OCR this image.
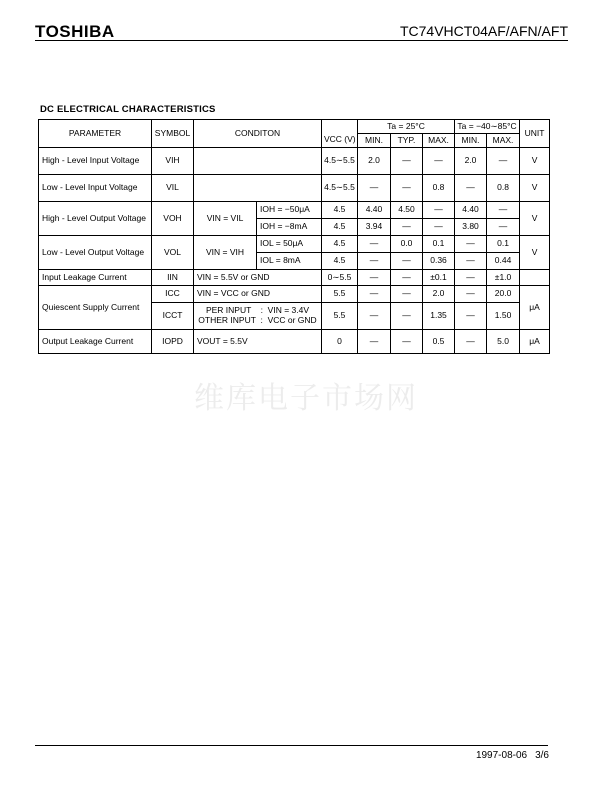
TOSHIBA	TC74VHCT04AF/AFN/AFT
DC ELECTRICAL CHARACTERISTICS
PARAMETER	SYMBOL	CONDITON		VCC (V)	Ta = 25°C			Ta = −40∼85°C		UNIT
					MIN.	TYP.	MAX.	MIN.	MAX.	
High - Level Input Voltage	VIH			4.5∼5.5	2.0	—	—	2.0	—	V
Low - Level Input Voltage	VIL			4.5∼5.5	—	—	0.8	—	0.8	V
High - Level Output Voltage	VOH	VIN = VIL	IOH = −50μA	4.5	4.40	4.50	—	4.40	—	V
			IOH = −8mA	4.5	3.94	—	—	3.80	—	
Low - Level Output Voltage	VOL	VIN = VIH	IOL = 50μA	4.5	—	0.0	0.1	—	0.1	V
			IOL = 8mA	4.5	—	—	0.36	—	0.44	
Input Leakage Current	IIN	VIN = 5.5V or GND		0∼5.5	—	—	±0.1	—	±1.0	
Quiescent Supply Current	ICC	VIN = VCC or GND		5.5	—	—	2.0	—	20.0	μA
	ICCT	PER INPUT    :  VIN = 3.4V
OTHER INPUT  :  VCC or GND		5.5	—	—	1.35	—	1.50	
Output Leakage Current	IOPD	VOUT = 5.5V		0	—	—	0.5	—	5.0	μA
维库电子市场网
1997-08-06 3/6
